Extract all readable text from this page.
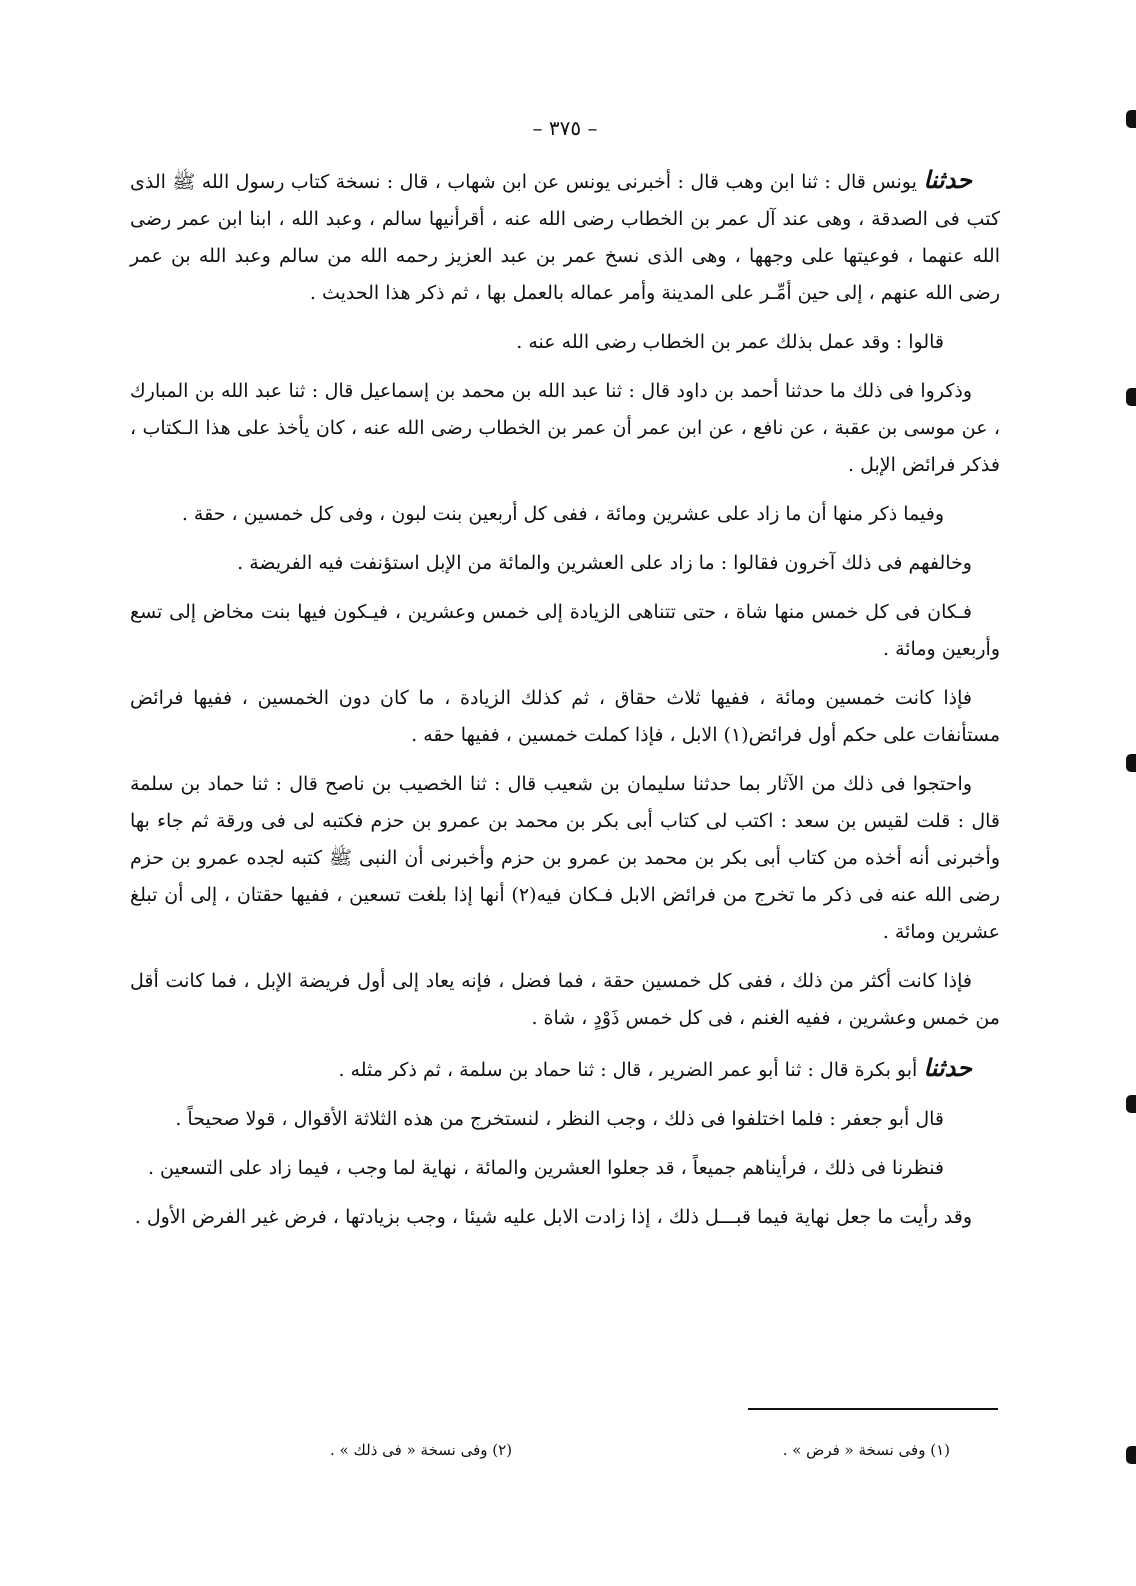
– ٣٧٥ –

حدثنا يونس قال : ثنا ابن وهب قال : أخبرنى يونس عن ابن شهاب ، قال : نسخة كتاب رسول الله ﷺ الذى كتب فى الصدقة ، وهى عند آل عمر بن الخطاب رضى الله عنه ، أقرأنيها سالم ، وعبد الله ، ابنا ابن عمر رضى الله عنهما ، فوعيتها على وجهها ، وهى الذى نسخ عمر بن عبد العزيز رحمه الله من سالم وعبد الله بن عمر رضى الله عنهم ، إلى حين أمِّـر على المدينة وأمر عماله بالعمل بها ، ثم ذكر هذا الحديث .

قالوا : وقد عمل بذلك عمر بن الخطاب رضى الله عنه .

وذكروا فى ذلك ما حدثنا أحمد بن داود قال : ثنا عبد الله بن محمد بن إسماعيل قال : ثنا عبد الله بن المبارك ، عن موسى بن عقبة ، عن نافع ، عن ابن عمر أن عمر بن الخطاب رضى الله عنه ، كان يأخذ على هذا الـكتاب ، فذكر فرائض الإبل .

وفيما ذكر منها أن ما زاد على عشرين ومائة ، ففى كل أربعين بنت لبون ، وفى كل خمسين ، حقة .

وخالفهم فى ذلك آخرون فقالوا : ما زاد على العشرين والمائة من الإبل استؤنفت فيه الفريضة .

فـكان فى كل خمس منها شاة ، حتى تتناهى الزيادة إلى خمس وعشرين ، فيـكون فيها بنت مخاض إلى تسع وأربعين ومائة .

فإذا كانت خمسين ومائة ، ففيها ثلاث حقاق ، ثم كذلك الزيادة ، ما كان دون الخمسين ، ففيها فرائض مستأنفات على حكم أول فرائض(١) الابل ، فإذا كملت خمسين ، ففيها حقه .

واحتجوا فى ذلك من الآثار بما حدثنا سليمان بن شعيب قال : ثنا الخصيب بن ناصح قال : ثنا حماد بن سلمة قال : قلت لقيس بن سعد : اكتب لى كتاب أبى بكر بن محمد بن عمرو بن حزم فكتبه لى فى ورقة ثم جاء بها وأخبرنى أنه أخذه من كتاب أبى بكر بن محمد بن عمرو بن حزم وأخبرنى أن النبى ﷺ كتبه لجده عمرو بن حزم رضى الله عنه فى ذكر ما تخرج من فرائض الابل فـكان فيه(٢) أنها إذا بلغت تسعين ، ففيها حقتان ، إلى أن تبلغ عشرين ومائة .

فإذا كانت أكثر من ذلك ، ففى كل خمسين حقة ، فما فضل ، فإنه يعاد إلى أول فريضة الإبل ، فما كانت أقل من خمس وعشرين ، ففيه الغنم ، فى كل خمس ذَوْدٍ ، شاة .

حدثنا أبو بكرة قال : ثنا أبو عمر الضرير ، قال : ثنا حماد بن سلمة ، ثم ذكر مثله .

قال أبو جعفر : فلما اختلفوا فى ذلك ، وجب النظر ، لنستخرج من هذه الثلاثة الأقوال ، قولا صحيحاً .

فنظرنا فى ذلك ، فرأيناهم جميعاً ، قد جعلوا العشرين والمائة ، نهاية لما وجب ، فيما زاد على التسعين .

وقد رأيت ما جعل نهاية فيما قبـــل ذلك ، إذا زادت الابل عليه شيئا ، وجب بزيادتها ، فرض غير الفرض الأول .

(١) وفى نسخة « فرض » .
(٢) وفى نسخة « فى ذلك » .
